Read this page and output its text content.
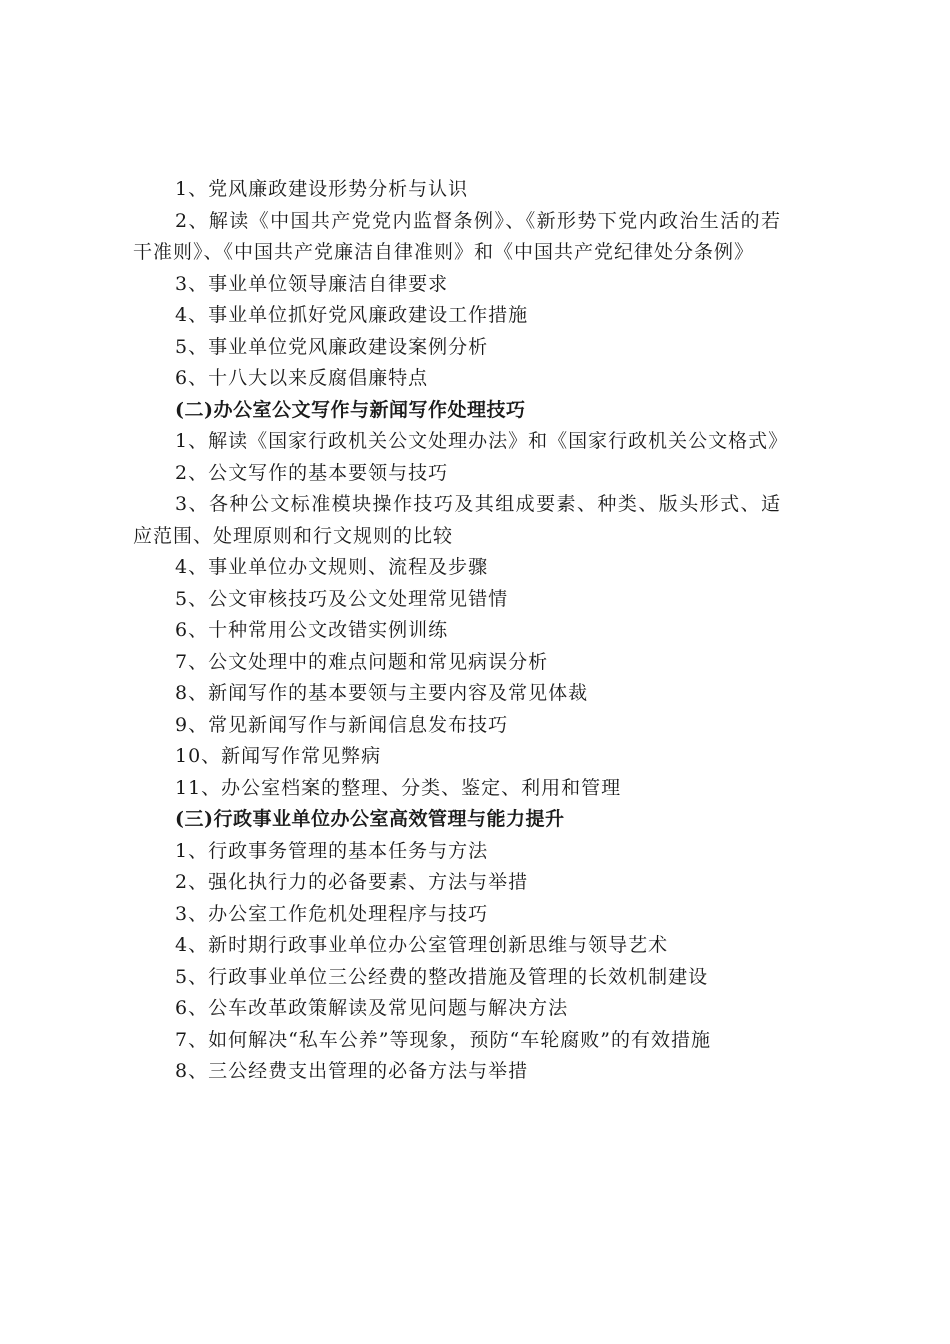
1、党风廉政建设形势分析与认识

2、解读《中国共产党党内监督条例》、《新形势下党内政治生活的若干准则》、《中国共产党廉洁自律准则》和《中国共产党纪律处分条例》

3、事业单位领导廉洁自律要求

4、事业单位抓好党风廉政建设工作措施

5、事业单位党风廉政建设案例分析

6、十八大以来反腐倡廉特点

(二)办公室公文写作与新闻写作处理技巧

1、解读《国家行政机关公文处理办法》和《国家行政机关公文格式》

2、公文写作的基本要领与技巧

3、各种公文标准模块操作技巧及其组成要素、种类、版头形式、适应范围、处理原则和行文规则的比较

4、事业单位办文规则、流程及步骤

5、公文审核技巧及公文处理常见错情

6、十种常用公文改错实例训练

7、公文处理中的难点问题和常见病误分析

8、新闻写作的基本要领与主要内容及常见体裁

9、常见新闻写作与新闻信息发布技巧

10、新闻写作常见弊病

11、办公室档案的整理、分类、鉴定、利用和管理

(三)行政事业单位办公室高效管理与能力提升

1、行政事务管理的基本任务与方法

2、强化执行力的必备要素、方法与举措

3、办公室工作危机处理程序与技巧

4、新时期行政事业单位办公室管理创新思维与领导艺术

5、行政事业单位三公经费的整改措施及管理的长效机制建设

6、公车改革政策解读及常见问题与解决方法

7、如何解决“私车公养”等现象，预防“车轮腐败”的有效措施

8、三公经费支出管理的必备方法与举措
